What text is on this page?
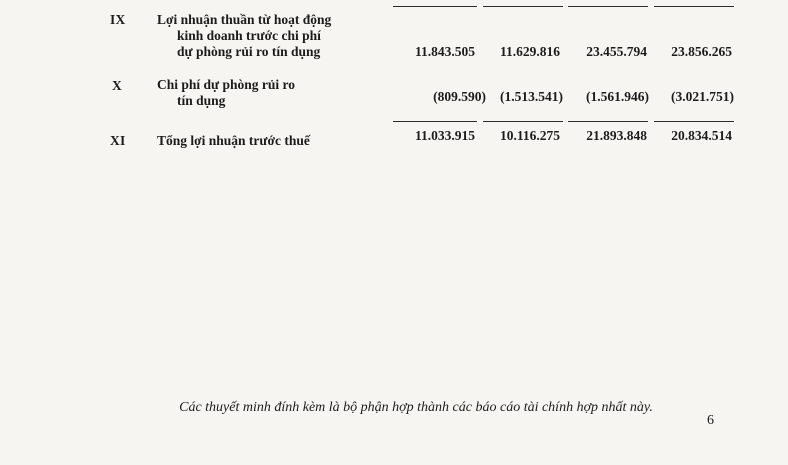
IX Lợi nhuận thuần từ hoạt động
kinh doanh trước chi phí
dự phòng rủi ro tín dụng	11.843.505 11.629.816 23.455.794 23.856.265
X	Chi phí dự phòng rủi ro
tín dụng	(809.590) (1.513.541) (1.561.946) (3.021.751)
XI Tổng lợi nhuận trước thuế	11.033.915 10.116.275 21.893.848 20.834.514
Các thuyết minh đính kèm là bộ phận hợp thành các báo cáo tài chính hợp nhất này.
6
